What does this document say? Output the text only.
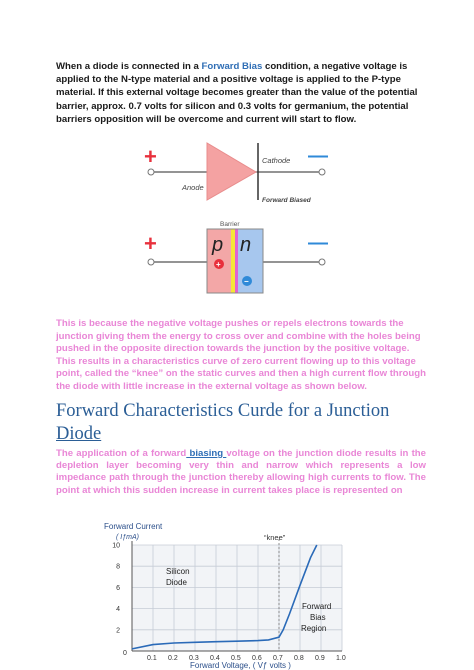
When a diode is connected in a Forward Bias condition, a negative voltage is applied to the N-type material and a positive voltage is applied to the P-type material. If this external voltage becomes greater than the value of the potential barrier, approx. 0.7 volts for silicon and 0.3 volts for germanium, the potential barriers opposition will be overcome and current will start to flow.
+	—
Cathode
Anode
Forward Biased
Barrier
+	—
p n
+
−
This is because the negative voltage pushes or repels electrons towards the junction giving them the energy to cross over and combine with the holes being pushed in the opposite direction towards the junction by the positive voltage. This results in a characteristics curve of zero current flowing up to this voltage point, called the “knee” on the static curves and then a high current flow through the diode with little increase in the external voltage as shown below.
Forward Characteristics Curde for a Junction
Diode
The application of a forward biasing voltage on the junction diode results in the depletion layer becoming very thin and narrow which represents a low impedance path through the junction thereby allowing high currents to flow. The point at which this sudden increase in current takes place is represented on
Forward Current
( IƒmA)
Forward Voltage, ( Vƒ volts )
0.1 0.2 0.3 0.4 0.5 0.6 0.7 0.8 0.9 1.0
2
4
6
8
10
0
“knee”
Silicon
Diode
Forward
Bias
Region
